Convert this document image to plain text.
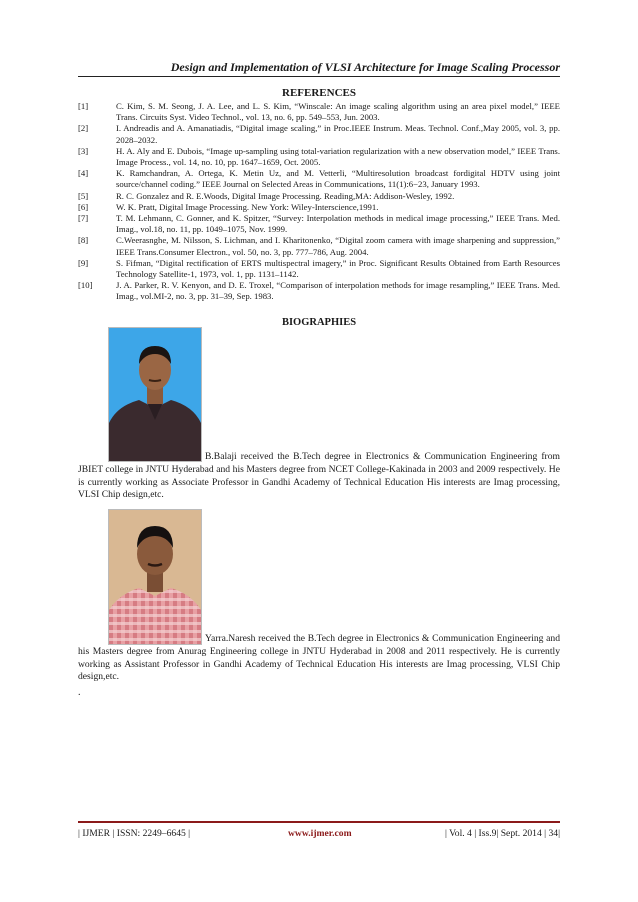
Design and Implementation of VLSI Architecture for Image Scaling Processor
REFERENCES
[1]	C. Kim, S. M. Seong, J. A. Lee, and L. S. Kim, “Winscale: An image scaling algorithm using an area pixel model,” IEEE Trans. Circuits Syst. Video Technol., vol. 13, no. 6, pp. 549–553, Jun. 2003.
[2]	I. Andreadis and A. Amanatiadis, “Digital image scaling,” in Proc.IEEE Instrum. Meas. Technol. Conf.,May 2005, vol. 3, pp. 2028–2032.
[3]	H. A. Aly and E. Dubois, “Image up-sampling using total-variation regularization with a new observation model,” IEEE Trans. Image Process., vol. 14, no. 10, pp. 1647–1659, Oct. 2005.
[4]	K. Ramchandran, A. Ortega, K. Metin Uz, and M. Vetterli, “Multiresolution broadcast fordigital HDTV using joint source/channel coding.” IEEE Journal on Selected Areas in Communications, 11(1):6−23, January 1993.
[5]	R. C. Gonzalez and R. E.Woods, Digital Image Processing. Reading,MA: Addison-Wesley, 1992.
[6]	W. K. Pratt, Digital Image Processing. New York: Wiley-Interscience,1991.
[7]	T. M. Lehmann, C. Gonner, and K. Spitzer, “Survey: Interpolation methods in medical image processing,” IEEE Trans. Med. Imag., vol.18, no. 11, pp. 1049–1075, Nov. 1999.
[8]	C.Weerasnghe, M. Nilsson, S. Lichman, and I. Kharitonenko, “Digital zoom camera with image sharpening and suppression,” IEEE Trans.Consumer Electron., vol. 50, no. 3, pp. 777–786, Aug. 2004.
[9]	S. Fifman, “Digital rectification of ERTS multispectral imagery,” in Proc. Significant Results Obtained from Earth Resources Technology Satellite-1, 1973, vol. 1, pp. 1131–1142.
[10]	J. A. Parker, R. V. Kenyon, and D. E. Troxel, “Comparison of interpolation methods for image resampling,” IEEE Trans. Med. Imag., vol.MI-2, no. 3, pp. 31–39, Sep. 1983.
BIOGRAPHIES
B.Balaji received the B.Tech degree in Electronics & Communication Engineering from JBIET college in JNTU Hyderabad and his Masters degree from NCET College-Kakinada in 2003 and 2009 respectively. He is currently working as Associate Professor in Gandhi Academy of Technical Education His interests are Imag processing, VLSI Chip design,etc.
Yarra.Naresh received the B.Tech degree in Electronics & Communication Engineering and his Masters degree from Anurag Engineering college in JNTU Hyderabad in 2008 and 2011 respectively. He is currently working as Assistant Professor in Gandhi Academy of Technical Education His interests are Imag processing, VLSI Chip design,etc.
.
| IJMER | ISSN: 2249–6645 |	www.ijmer.com	| Vol. 4 | Iss.9| Sept. 2014 | 34|
